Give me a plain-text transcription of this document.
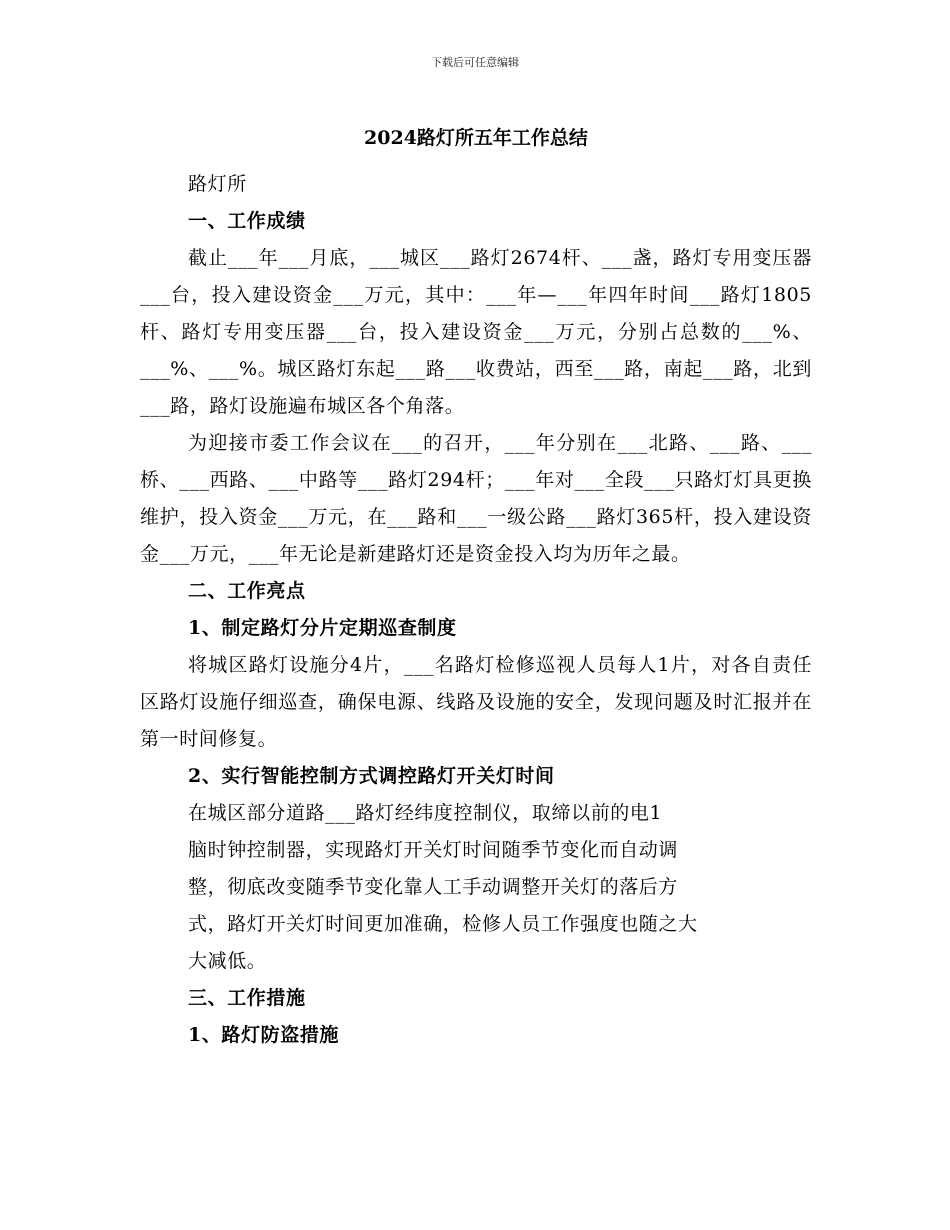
下载后可任意编辑
2024路灯所五年工作总结

路灯所

一、工作成绩

截止___年___月底，___城区___路灯2674杆、___盏，路灯专用变压器___台，投入建设资金___万元，其中：___年—___年四年时间___路灯1805杆、路灯专用变压器___台，投入建设资金___万元，分别占总数的___%、___%、___%。城区路灯东起___路___收费站，西至___路，南起___路，北到___路，路灯设施遍布城区各个角落。

为迎接市委工作会议在___的召开，___年分别在___北路、___路、___桥、___西路、___中路等___路灯294杆；___年对___全段___只路灯灯具更换维护，投入资金___万元，在___路和___一级公路___路灯365杆，投入建设资金___万元，___年无论是新建路灯还是资金投入均为历年之最。

二、工作亮点

1、制定路灯分片定期巡查制度

将城区路灯设施分4片，___名路灯检修巡视人员每人1片，对各自责任区路灯设施仔细巡查，确保电源、线路及设施的安全，发现问题及时汇报并在第一时间修复。

2、实行智能控制方式调控路灯开关灯时间

在城区部分道路___路灯经纬度控制仪，取缔以前的电1

脑时钟控制器，实现路灯开关灯时间随季节变化而自动调

整，彻底改变随季节变化靠人工手动调整开关灯的落后方

式，路灯开关灯时间更加准确，检修人员工作强度也随之大

大减低。

三、工作措施

1、路灯防盗措施
